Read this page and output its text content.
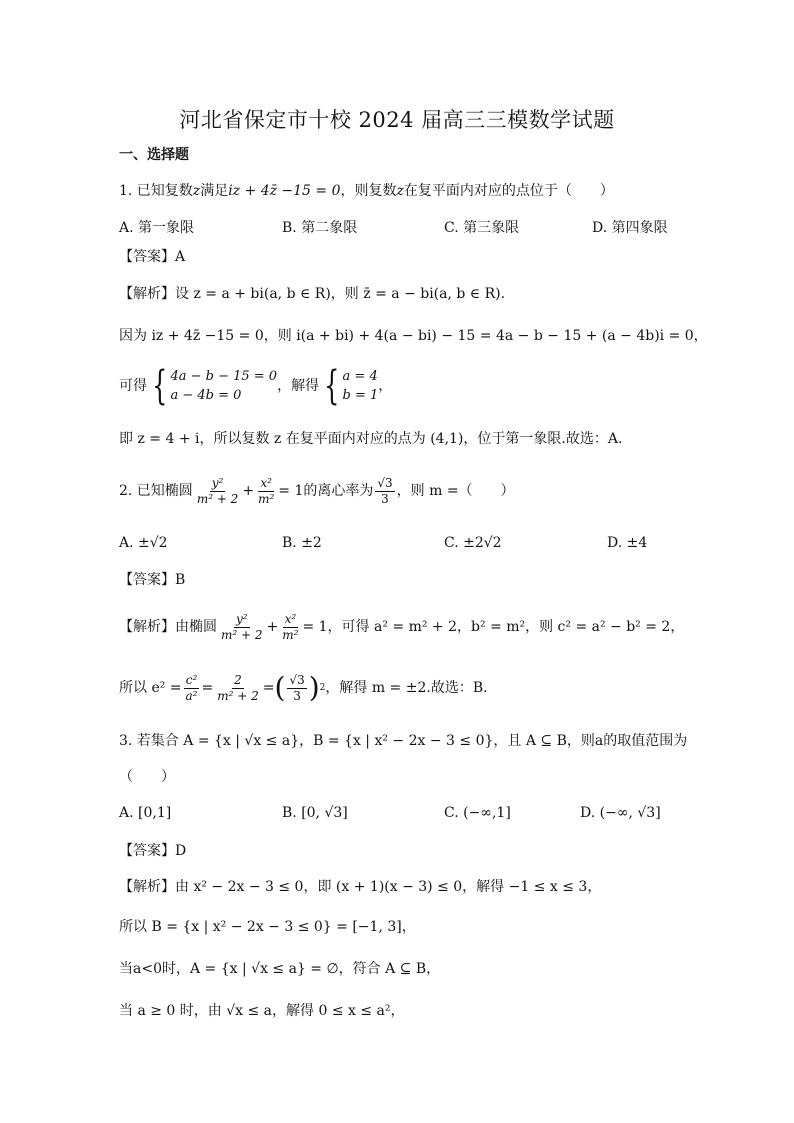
河北省保定市十校 2024 届高三三模数学试题
一、选择题
1. 已知复数z满足iz + 4z̄ −15 = 0，则复数z在复平面内对应的点位于（　　）
A. 第一象限	B. 第二象限	C. 第三象限	D. 第四象限
【答案】A
【解析】设 z = a + bi(a, b ∈ R)，则 z̄ = a − bi(a, b ∈ R).
因为 iz + 4z̄ −15 = 0，则 i(a + bi) + 4(a − bi) − 15 = 4a − b − 15 + (a − 4b)i = 0，
可得 { 4a − b − 15 = 0
a − 4b = 0
，解得 { a = 4
b = 1
，
即 z = 4 + i，所以复数 z 在复平面内对应的点为 (4,1)，位于第一象限.故选：A.
2. 已知椭圆 $\frac{\text{y²}}{\text{m² + 2}} + \frac{\text{x²}}{\text{m²}} = 1$的离心率为 $\frac{√3}{3}$ ，则 m =（　　）
A. ±√2	B. ±2	C. ±2√2	D. ±4
【答案】B
【解析】由椭圆 $\frac{\text{y²}}{\text{m² + 2}} + \frac{\text{x²}}{\text{m²}} = 1$，可得 a² = m² + 2，b² = m²，则 c² = a² − b² = 2，
所以 $e^2 = \frac{\text{c²}}{\text{a²}} = \frac{2}{\text{m² + 2}}$ = ( $\frac{√3}{3}$ ) 2 ，解得 m = ±2.故选：B.
3. 若集合 A = {x | √x ≤ a}，B = {x | x² − 2x − 3 ≤ 0}，且 A ⊆ B，则a的取值范围为
（　　）
A. [0,1]	B. [0, √3]	C. (−∞,1]	D. (−∞, √3]
【答案】D
【解析】由 x² − 2x − 3 ≤ 0，即 (x + 1)(x − 3) ≤ 0，解得 −1 ≤ x ≤ 3，
所以 B = {x | x² − 2x − 3 ≤ 0} = [−1, 3]，
当a<0时，A = {x | √x ≤ a} = ∅，符合 A ⊆ B，
当 a ≥ 0 时，由 √x ≤ a，解得 0 ≤ x ≤ a²，
